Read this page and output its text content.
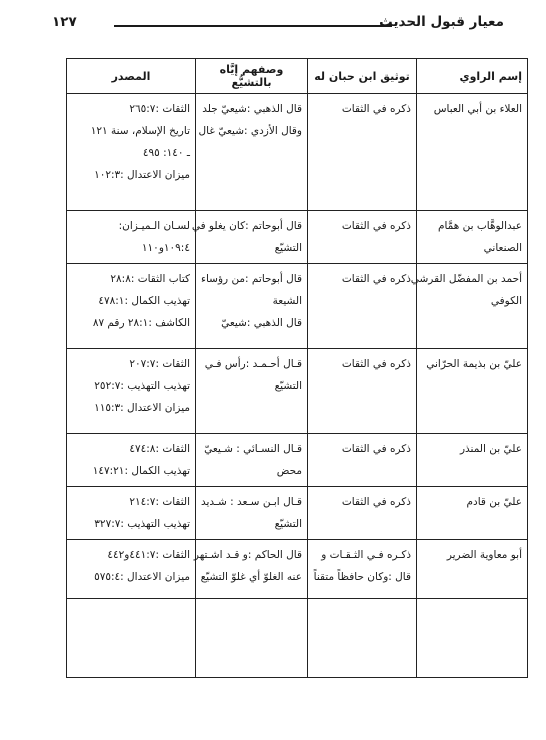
معيار قبول الحديث
١٢٧
إسم الراوي	توثيق ابن حبان له	وصفهم إيَّاه بالتشيُّع	المصدر

العلاء بن أبي العباس	ذكره في الثقات	قال الذهبي :شيعيّ جلد
وقال الأزدي :شيعيّ غال	الثقات :٢٦٥:٧
تاريخ الإسلام، سنة ١٢١
ـ ١٤٠: ٤٩٥
ميزان الاعتدال :١٠٢:٣

عبدالوهَّاب بن همَّام
الصنعاني	ذكره في الثقات	قال أبوحاتم :كان يغلو في
التشيّع	لسـان الـميـزان:
١٠٩:٤و١١٠

أحمد بن المفضّل القرشي
الكوفي	ذكره في الثقات	قال أبوحاتم :من رؤساء
الشيعة
قال الذهبي :شيعيّ	كتاب الثقات :٢٨:٨
تهذيب الكمال :٤٧٨:١
الكاشف :٢٨:١ رقم ٨٧

عليّ بن بذيمة الحرّاني	ذكره في الثقات	قـال أحـمـد :رأس فـي
التشيّع	الثقات :٢٠٧:٧
تهذيب التهذيب :٢٥٢:٧
ميزان الاعتدال :١١٥:٣

عليّ بن المنذر	ذكره في الثقات	قـال النسـائي : شـيعيّ
محض	الثقات :٤٧٤:٨
تهذيب الكمال :١٤٧:٢١

عليّ بن قادم	ذكره في الثقات	قـال ابـن سـعد : شـديد
التشيّع	الثقات :٢١٤:٧
تهذيب التهذيب :٣٢٧:٧

أبو معاوية الضرير	ذكـره فـي الثـقـات و
قال :وكان حافظاً متقناً	قال الحاكم :و قـد اشـتهر
عنه الغلوّ أي غلوّ التشيّع	الثقات :٤٤١:٧و٤٤٢
ميزان الاعتدال :٥٧٥:٤
